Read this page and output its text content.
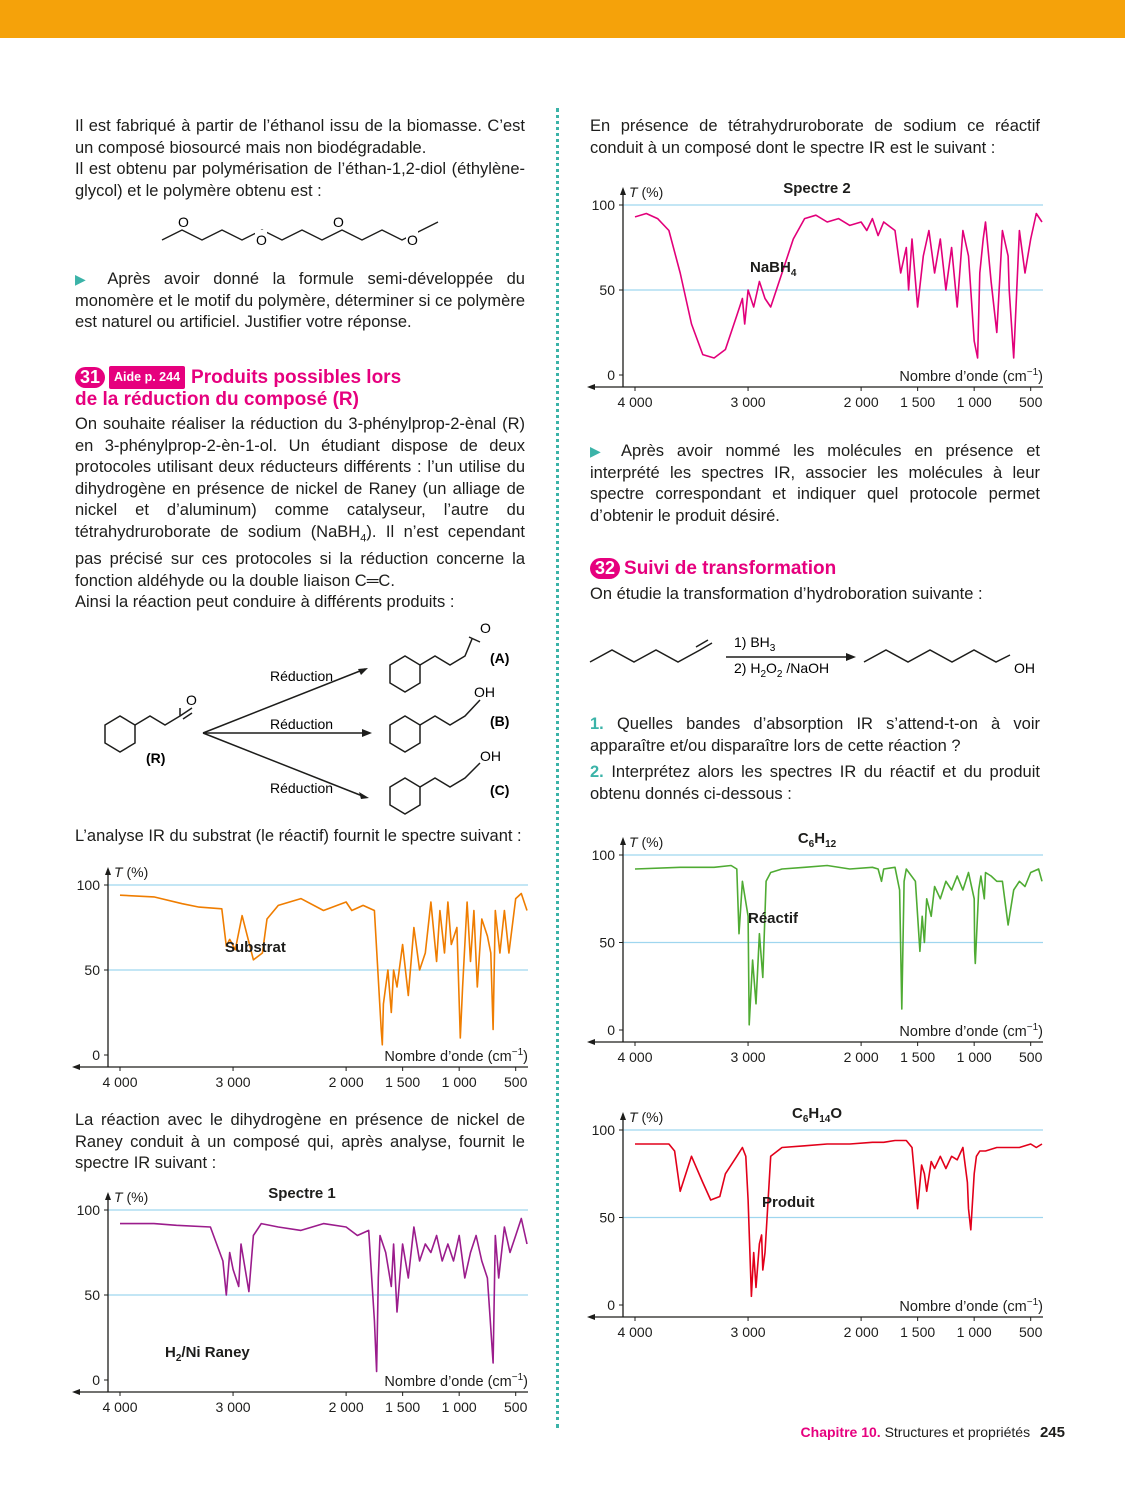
Il est fabriqué à partir de l’éthanol issu de la biomasse. C’est un composé biosourcé mais non biodégradable.

Il est obtenu par polymérisation de l’éthan-1,2-diol (éthylène-glycol) et le polymère obtenu est :

O
O
O
O
▶ Après avoir donné la formule semi-développée du monomère et le motif du polymère, déterminer si ce polymère est naturel ou artificiel. Justifier votre réponse.
31 Aide p. 244 Produits possibles lors
de la réduction du composé (R)

On souhaite réaliser la réduction du 3-phénylprop-2-ènal (R) en 3-phénylprop-2-èn-1-ol. Un étudiant dispose de deux protocoles utilisant deux réducteurs différents : l’un utilise du dihydrogène en présence de nickel de Raney (un alliage de nickel et d’aluminum) comme catalyseur, l’autre du tétrahydruroborate de sodium (NaBH$_4$). Il n’est cependant pas précisé sur ces protocoles si la réduction concerne la fonction aldéhyde ou la double liaison C═C.

Ainsi la réaction peut conduire à différents produits :

O
(R)
Réduction
Réduction
Réduction
O
(A)
OH
(B)
OH
(C)
L’analyse IR du substrat (le réactif) fournit le spectre suivant :
100
50
0
4 000	3 000	2 000 1 500 1 000 500
T (%)
Nombre d’onde $(cm^{-1})$
Substrat
La réaction avec le dihydrogène en présence de nickel de Raney conduit à un composé qui, après analyse, fournit le spectre IR suivant :
100
50
0
4 000	3 000	2 000 1 500 1 000 500
T (%)
Nombre d’onde $(cm^{-1})$
Spectre 1
$H_2/Ni$ Raney
En présence de tétrahydruroborate de sodium ce réactif conduit à un composé dont le spectre IR est le suivant :
100
50
0
4 000	3 000	2 000 1 500 1 000 500
T (%)
Nombre d’onde $(cm^{-1})$
Spectre 2
NaBH$_4$
▶ Après avoir nommé les molécules en présence et interprété les spectres IR, associer les molécules à leur spectre correspondant et indiquer quel protocole permet d’obtenir le produit désiré.
32 Suivi de transformation
On étudie la transformation d’hydroboration suivante :
1) $BH_3$
2) $H_2O_2$ /NaOH	OH

1. Quelles bandes d’absorption IR s’attend-t-on à voir apparaître et/ou disparaître lors de cette réaction ?

2. Interprétez alors les spectres IR du réactif et du produit obtenu donnés ci-dessous :

100
50
0
4 000	3 000	2 000 1 500 1 000 500
T (%)
Nombre d’onde $(cm^{-1})$
$C_6H_{12}$
Réactif
100
50
0
4 000	3 000	2 000 1 500 1 000 500
T (%)
Nombre d’onde $(cm^{-1})$
$C_6H_{14}O$
Produit
Chapitre 10. Structures et propriétés 245
